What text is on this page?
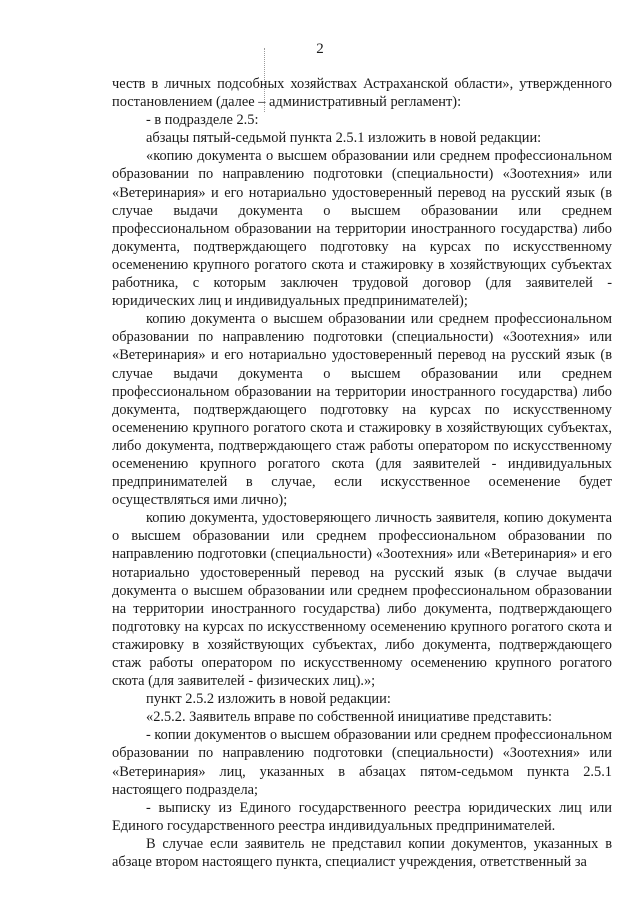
2

честв в личных подсобных хозяйствах Астраханской области», утвержденного постановлением (далее – административный регламент):

- в подразделе 2.5:

абзацы пятый-седьмой пункта 2.5.1 изложить в новой редакции:

«копию документа о высшем образовании или среднем профессиональном образовании по направлению подготовки (специальности) «Зоотехния» или «Ветеринария» и его нотариально удостоверенный перевод на русский язык (в случае выдачи документа о высшем образовании или среднем профессиональном образовании на территории иностранного государства) либо документа, подтверждающего подготовку на курсах по искусственному осеменению крупного рогатого скота и стажировку в хозяйствующих субъектах работника, с которым заключен трудовой договор (для заявителей - юридических лиц и индивидуальных предпринимателей);

копию документа о высшем образовании или среднем профессиональном образовании по направлению подготовки (специальности) «Зоотехния» или «Ветеринария» и его нотариально удостоверенный перевод на русский язык (в случае выдачи документа о высшем образовании или среднем профессиональном образовании на территории иностранного государства) либо документа, подтверждающего подготовку на курсах по искусственному осеменению крупного рогатого скота и стажировку в хозяйствующих субъектах, либо документа, подтверждающего стаж работы оператором по искусственному осеменению крупного рогатого скота (для заявителей - индивидуальных предпринимателей в случае, если искусственное осеменение будет осуществляться ими лично);

копию документа, удостоверяющего личность заявителя, копию документа о высшем образовании или среднем профессиональном образовании по направлению подготовки (специальности) «Зоотехния» или «Ветеринария» и его нотариально удостоверенный перевод на русский язык (в случае выдачи документа о высшем образовании или среднем профессиональном образовании на территории иностранного государства) либо документа, подтверждающего подготовку на курсах по искусственному осеменению крупного рогатого скота и стажировку в хозяйствующих субъектах, либо документа, подтверждающего стаж работы оператором по искусственному осеменению крупного рогатого скота (для заявителей - физических лиц).»;

пункт 2.5.2 изложить в новой редакции:

«2.5.2. Заявитель вправе по собственной инициативе представить:

- копии документов о высшем образовании или среднем профессиональном образовании по направлению подготовки (специальности) «Зоотехния» или «Ветеринария» лиц, указанных в абзацах пятом-седьмом пункта 2.5.1 настоящего подраздела;

- выписку из Единого государственного реестра юридических лиц или Единого государственного реестра индивидуальных предпринимателей.

В случае если заявитель не представил копии документов, указанных в абзаце втором настоящего пункта, специалист учреждения, ответственный за
